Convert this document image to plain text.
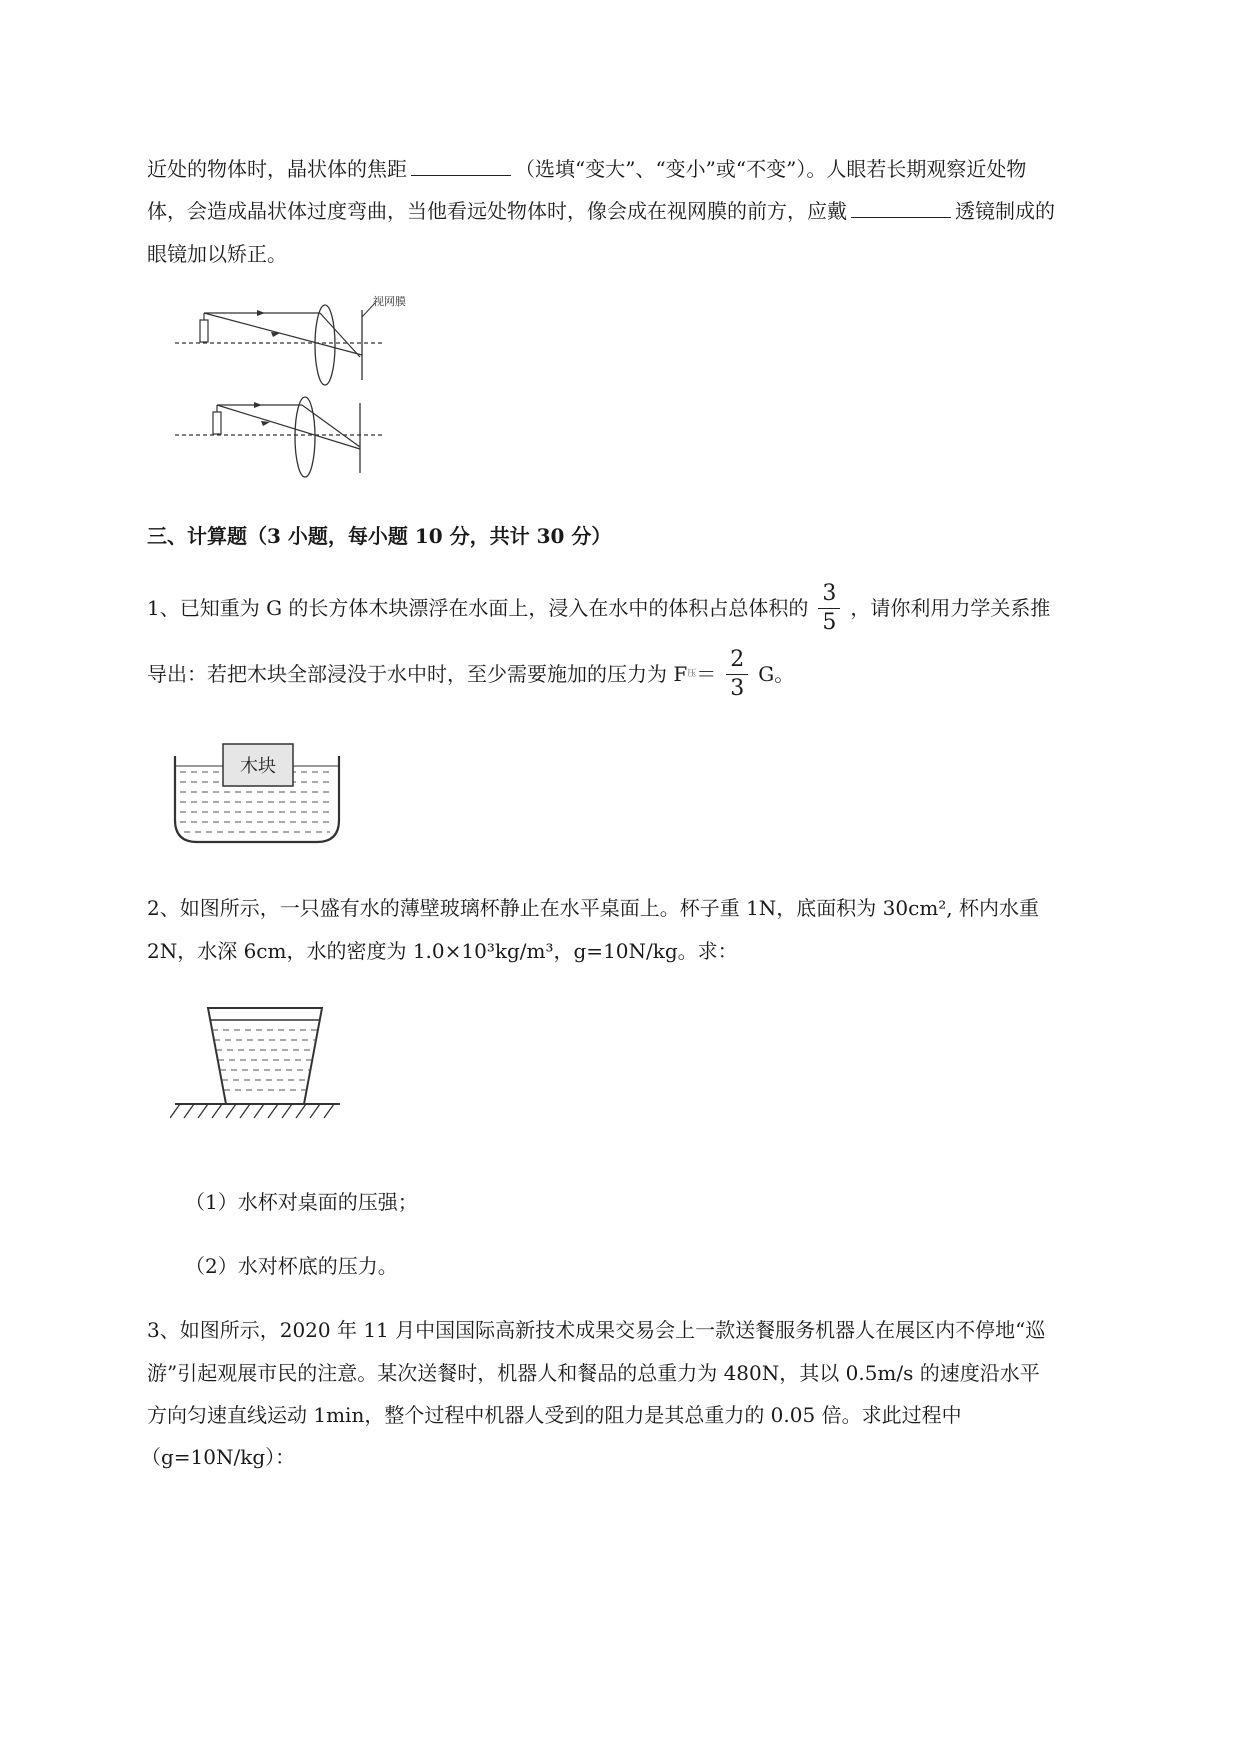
近处的物体时，晶状体的焦距	（选填“变大”、“变小”或“不变”）。人眼若长期观察近处物
体，会造成晶状体过度弯曲，当他看远处物体时，像会成在视网膜的前方，应戴	透镜制成的
眼镜加以矫正。
视网膜
三、计算题（3 小题，每小题 10 分，共计 30 分）
1、已知重为 G 的长方体木块漂浮在水面上，浸入在水中的体积占总体积的 $\frac{3}{5}$ ，请你利用力学关系推
导出：若把木块全部浸没于水中时，至少需要施加的压力为 F 压 ＝ $\frac{2}{3}$ G。
木块
2、如图所示，一只盛有水的薄壁玻璃杯静止在水平桌面上。杯子重 1N，底面积为 30cm², 杯内水重
2N，水深 6cm，水的密度为 1.0×10³kg/m³，g=10N/kg。求：
（1）水杯对桌面的压强；
（2）水对杯底的压力。
3、如图所示，2020 年 11 月中国国际高新技术成果交易会上一款送餐服务机器人在展区内不停地“巡
游”引起观展市民的注意。某次送餐时，机器人和餐品的总重力为 480N，其以 0.5m/s 的速度沿水平
方向匀速直线运动 1min，整个过程中机器人受到的阻力是其总重力的 0.05 倍。求此过程中
（g=10N/kg）：
